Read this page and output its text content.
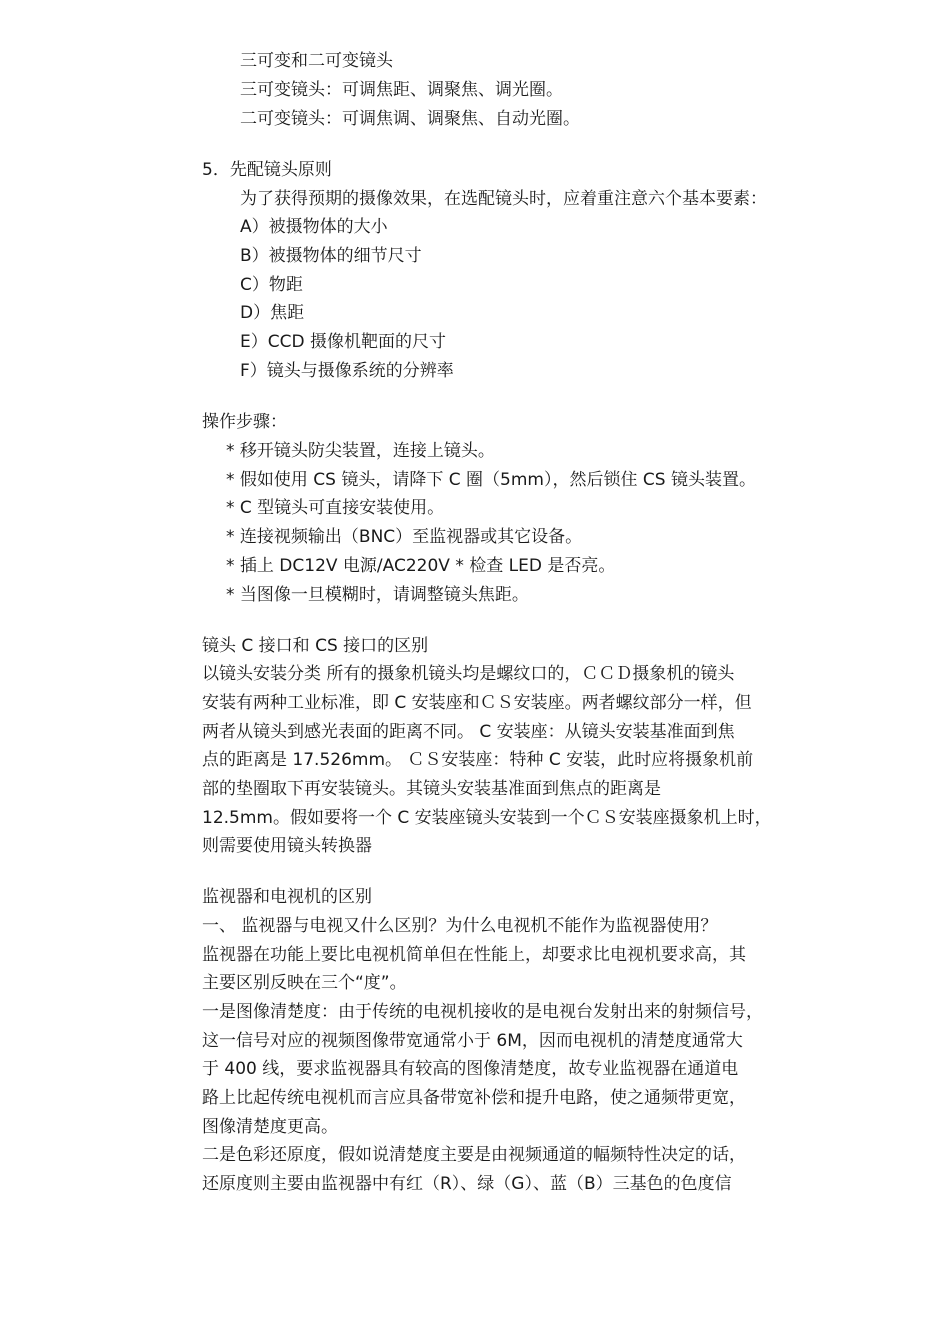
三可变和二可变镜头
三可变镜头：可调焦距、调聚焦、调光圈。
二可变镜头：可调焦调、调聚焦、自动光圈。
5．先配镜头原则
为了获得预期的摄像效果，在选配镜头时，应着重注意六个基本要素：
A）被摄物体的大小
B）被摄物体的细节尺寸
C）物距
D）焦距
E）CCD 摄像机靶面的尺寸
F）镜头与摄像系统的分辨率
操作步骤：
* 移开镜头防尖装置，连接上镜头。
* 假如使用 CS 镜头，请降下 C 圈（5mm），然后锁住 CS 镜头装置。
* C 型镜头可直接安装使用。
* 连接视频输出（BNC）至监视器或其它设备。
* 插上 DC12V 电源/AC220V * 检查 LED 是否亮。
* 当图像一旦模糊时，请调整镜头焦距。
镜头 C 接口和 CS 接口的区别
以镜头安装分类 所有的摄象机镜头均是螺纹口的，ＣＣＤ摄象机的镜头
安装有两种工业标准，即 C 安装座和ＣＳ安装座。两者螺纹部分一样，但
两者从镜头到感光表面的距离不同。 C 安装座：从镜头安装基准面到焦
点的距离是 17.526mm。 ＣＳ安装座：特种 C 安装，此时应将摄象机前
部的垫圈取下再安装镜头。其镜头安装基准面到焦点的距离是
12.5mm。假如要将一个 C 安装座镜头安装到一个ＣＳ安装座摄象机上时，
则需要使用镜头转换器
监视器和电视机的区别
一、 监视器与电视又什么区别？为什么电视机不能作为监视器使用？
监视器在功能上要比电视机简单但在性能上，却要求比电视机要求高，其
主要区别反映在三个“度”。
一是图像清楚度：由于传统的电视机接收的是电视台发射出来的射频信号，
这一信号对应的视频图像带宽通常小于 6M，因而电视机的清楚度通常大
于 400 线，要求监视器具有较高的图像清楚度，故专业监视器在通道电
路上比起传统电视机而言应具备带宽补偿和提升电路，使之通频带更宽，
图像清楚度更高。
二是色彩还原度，假如说清楚度主要是由视频通道的幅频特性决定的话，
还原度则主要由监视器中有红（R）、绿（G）、蓝（B）三基色的色度信
